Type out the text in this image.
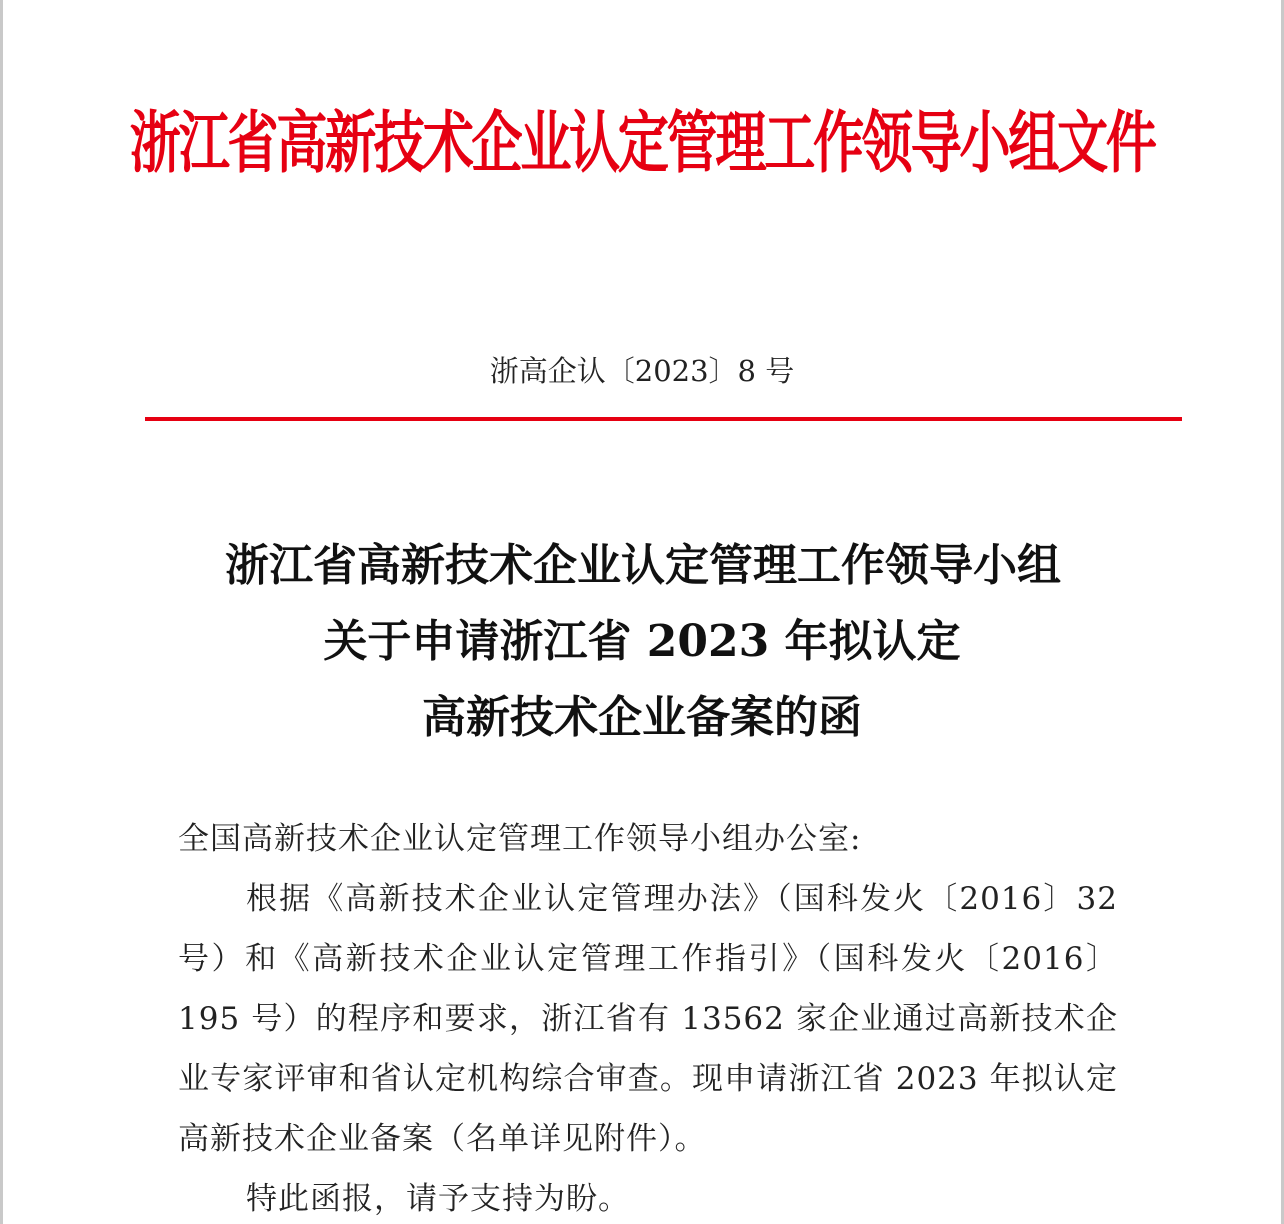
浙江省高新技术企业认定管理工作领导小组文件
浙高企认〔2023〕8 号
浙江省高新技术企业认定管理工作领导小组
关于申请浙江省 2023 年拟认定
高新技术企业备案的函

全国高新技术企业认定管理工作领导小组办公室:

根据《高新技术企业认定管理办法》（国科发火〔2016〕32 号）和《高新技术企业认定管理工作指引》（国科发火〔2016〕195 号）的程序和要求，浙江省有 13562 家企业通过高新技术企业专家评审和省认定机构综合审查。现申请浙江省 2023 年拟认定高新技术企业备案（名单详见附件）。

特此函报，请予支持为盼。
